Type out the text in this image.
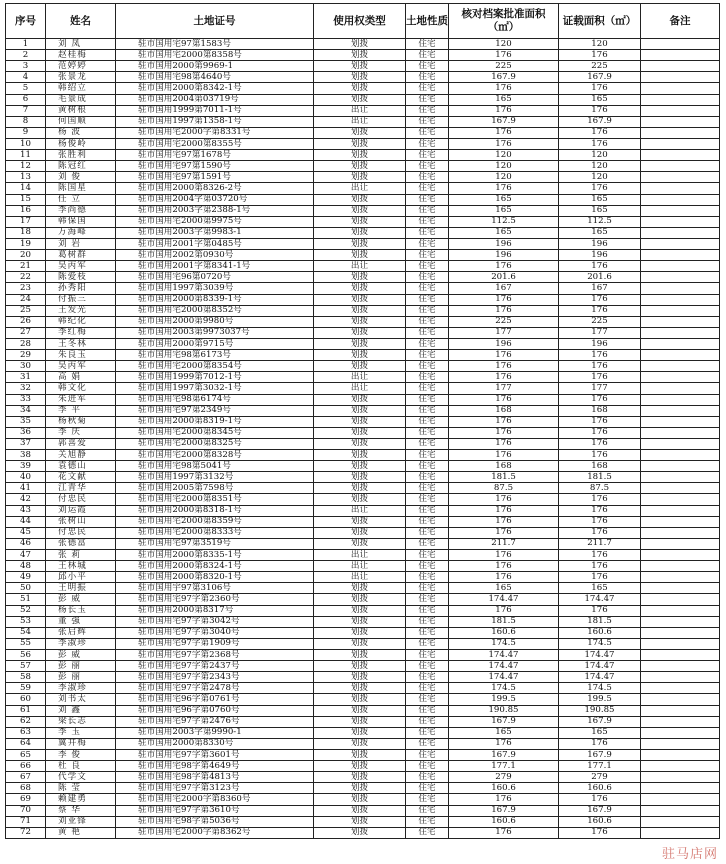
序号	姓名	土地证号	使用权类型	土地性质	核对档案批准面积（㎡）	证载面积（㎡）	备注
1	刘 凤	驻市国用宅97第1583号	划拨	住宅	120	120	
2	赵桂梅	驻市国用宅2000第8358号	划拨	住宅	176	176	
3	范婷婷	驻市国用2000第9969-1	划拨	住宅	225	225	
4	张景龙	驻市国用宅98第4640号	划拨	住宅	167.9	167.9	
5	韩绍立	驻市国用2000第8342-1号	划拨	住宅	176	176	
6	毛景成	驻市国用2004第03719号	划拨	住宅	165	165	
7	黄树根	驻市国用1999第7011-1号	出让	住宅	176	176	
8	何国顺	驻市国用1997第1358-1号	出让	住宅	167.9	167.9	
9	杨 波	驻市国用宅2000字第8331号	划拨	住宅	176	176	
10	杨俊岭	驻市国用宅2000第8355号	划拨	住宅	176	176	
11	张胜利	驻市国用宅97第1678号	划拨	住宅	120	120	
12	陈冠红	驻市国用宅97第1590号	划拨	住宅	120	120	
13	刘 俊	驻市国用宅97第1591号	划拨	住宅	120	120	
14	陈国星	驻市国用2000第8326-2号	出让	住宅	176	176	
15	任 立	驻市国用2004字第03720号	划拨	住宅	165	165	
16	李尚德	驻市国用2003字第2388-1号	划拨	住宅	165	165	
17	韩保国	驻市国用宅2000第9975号	划拨	住宅	112.5	112.5	
18	万海峰	驻市国用2003字第9983-1	划拨	住宅	165	165	
19	刘 岩	驻市国用2001字第0485号	划拨	住宅	196	196	
20	葛树群	驻市国用2002第0930号	划拨	住宅	196	196	
21	吴丙军	驻市国用2001字第8341-1号	出让	住宅	176	176	
22	陈爱枝	驻市国用宅96第0720号	划拨	住宅	201.6	201.6	
23	孙秀阳	驻市国用1997第3039号	划拨	住宅	167	167	
24	付振三	驻市国用2000第8339-1号	划拨	住宅	176	176	
25	王发光	驻市国用宅2000第8352号	划拨	住宅	176	176	
26	韩纪化	驻市国用2000第9980号	划拨	住宅	225	225	
27	李红梅	驻市国用2003第9973037号	划拨	住宅	177	177	
28	王冬林	驻市国用2000第9715号	划拨	住宅	196	196	
29	朱良玉	驻市国用宅98第6173号	划拨	住宅	176	176	
30	吴丙军	驻市国用宅2000第8354号	划拨	住宅	176	176	
31	高 娟	驻市国用1999第7012-1号	出让	住宅	176	176	
32	韩文化	驻市国用1997第3032-1号	出让	住宅	177	177	
33	朱进军	驻市国用宅98第6174号	划拨	住宅	176	176	
34	李 平	驻市国用宅97第2349号	划拨	住宅	168	168	
35	杨秋菊	驻市国用2000第8319-1号	划拨	住宅	176	176	
36	李 庆	驻市国用宅2000第8345号	划拨	住宅	176	176	
37	郭喜爱	驻市国用宅2000第8325号	划拨	住宅	176	176	
38	关旭静	驻市国用宅2000第8328号	划拨	住宅	176	176	
39	袁德山	驻市国用宅98第5041号	划拨	住宅	168	168	
40	花文献	驻市国用1997第3132号	划拨	住宅	181.5	181.5	
41	江青华	驻市国用2005第7598号	划拨	住宅	87.5	87.5	
42	付忠民	驻市国用宅2000第8351号	划拨	住宅	176	176	
43	刘运霞	驻市国用2000第8318-1号	出让	住宅	176	176	
44	张树山	驻市国用宅2000第8359号	划拨	住宅	176	176	
45	付忠民	驻市国用宅2000第8333号	划拨	住宅	176	176	
46	张德富	驻市国用宅97第3519号	划拨	住宅	211.7	211.7	
47	张 莉	驻市国用2000第8335-1号	出让	住宅	176	176	
48	王林城	驻市国用2000第8324-1号	出让	住宅	176	176	
49	邱小平	驻市国用2000第8320-1号	出让	住宅	176	176	
50	王明振	驻市国用宇97第3106号	划拨	住宅	165	165	
51	彭 威	驻市国用宅97字第2360号	划拨	住宅	174.47	174.47	
52	杨长玉	驻市国用2000第8317号	划拨	住宅	176	176	
53	董 强	驻市国用宅97字第3042号	划拨	住宅	181.5	181.5	
54	张启辉	驻市国用宅97字第3040号	划拨	住宅	160.6	160.6	
55	李淑珍	驻市国用宅97字第1909号	划拨	住宅	174.5	174.5	
56	彭 威	驻市国用宅97字第2368号	划拨	住宅	174.47	174.47	
57	彭 丽	驻市国用宅97字第2437号	划拨	住宅	174.47	174.47	
58	彭 丽	驻市国用宅97字第2343号	划拨	住宅	174.47	174.47	
59	李淑珍	驻市国用宅97字第2478号	划拨	住宅	174.5	174.5	
60	刘书太	驻市国用宅96字第0761号	划拨	住宅	199.5	199.5	
61	刘 鑫	驻市国用宅96字第0760号	划拨	住宅	190.85	190.85	
62	梁长志	驻市国用宅97字第2476号	划拨	住宅	167.9	167.9	
63	李 玉	驻市国用2003字第9990-1	划拨	住宅	165	165	
64	冀井梅	驻市国用2000第8330号	划拨	住宅	176	176	
65	李 俊	驻市国用宅97字第3601号	划拨	住宅	167.9	167.9	
66	杜 良	驻市国用宅98字第4649号	划拨	住宅	177.1	177.1	
67	代学文	驻市国用宅98字第4813号	划拨	住宅	279	279	
68	陈 莹	驻市国用宅97字第3123号	划拨	住宅	160.6	160.6	
69	赖建勇	驻市国用宅2000字第8360号	划拨	住宅	176	176	
70	蔡 华	驻市国用宅97字第3610号	划拨	住宅	167.9	167.9	
71	刘亚锋	驻市国用宅98字第5036号	划拨	住宅	160.6	160.6	
72	黄 艳	驻市国用宅2000字第8362号	划拨	住宅	176	176	
驻马店网
